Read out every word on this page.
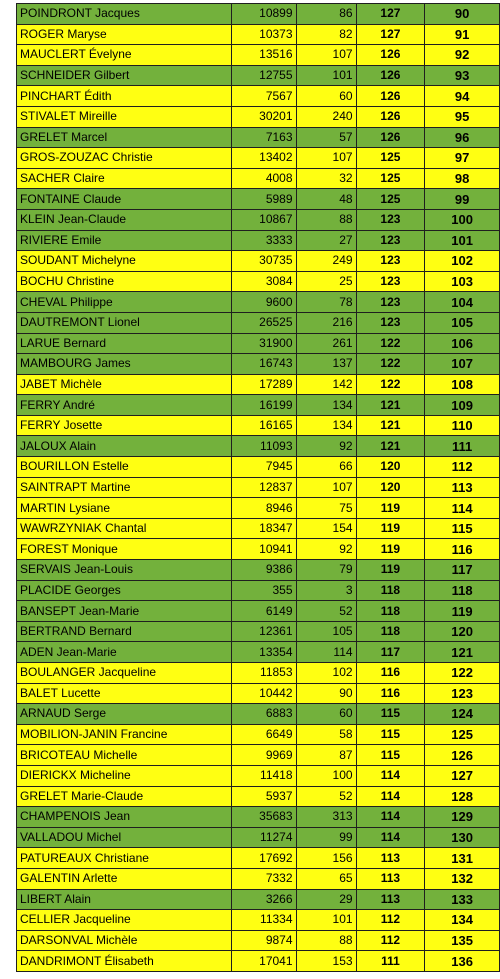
POINDRONT Jacques	10899	86	127	90
ROGER Maryse	10373	82	127	91
MAUCLERT Évelyne	13516	107	126	92
SCHNEIDER Gilbert	12755	101	126	93
PINCHART Édith	7567	60	126	94
STIVALET Mireille	30201	240	126	95
GRELET Marcel	7163	57	126	96
GROS-ZOUZAC Christie	13402	107	125	97
SACHER Claire	4008	32	125	98
FONTAINE Claude	5989	48	125	99
KLEIN Jean-Claude	10867	88	123	100
RIVIERE Emile	3333	27	123	101
SOUDANT Michelyne	30735	249	123	102
BOCHU Christine	3084	25	123	103
CHEVAL Philippe	9600	78	123	104
DAUTREMONT Lionel	26525	216	123	105
LARUE Bernard	31900	261	122	106
MAMBOURG James	16743	137	122	107
JABET Michèle	17289	142	122	108
FERRY André	16199	134	121	109
FERRY Josette	16165	134	121	110
JALOUX Alain	11093	92	121	111
BOURILLON Estelle	7945	66	120	112
SAINTRAPT Martine	12837	107	120	113
MARTIN Lysiane	8946	75	119	114
WAWRZYNIAK Chantal	18347	154	119	115
FOREST Monique	10941	92	119	116
SERVAIS Jean-Louis	9386	79	119	117
PLACIDE Georges	355	3	118	118
BANSEPT Jean-Marie	6149	52	118	119
BERTRAND Bernard	12361	105	118	120
ADEN Jean-Marie	13354	114	117	121
BOULANGER Jacqueline	11853	102	116	122
BALET Lucette	10442	90	116	123
ARNAUD Serge	6883	60	115	124
MOBILION-JANIN Francine	6649	58	115	125
BRICOTEAU Michelle	9969	87	115	126
DIERICKX Micheline	11418	100	114	127
GRELET Marie-Claude	5937	52	114	128
CHAMPENOIS Jean	35683	313	114	129
VALLADOU Michel	11274	99	114	130
PATUREAUX Christiane	17692	156	113	131
GALENTIN Arlette	7332	65	113	132
LIBERT Alain	3266	29	113	133
CELLIER Jacqueline	11334	101	112	134
DARSONVAL Michèle	9874	88	112	135
DANDRIMONT Élisabeth	17041	153	111	136
